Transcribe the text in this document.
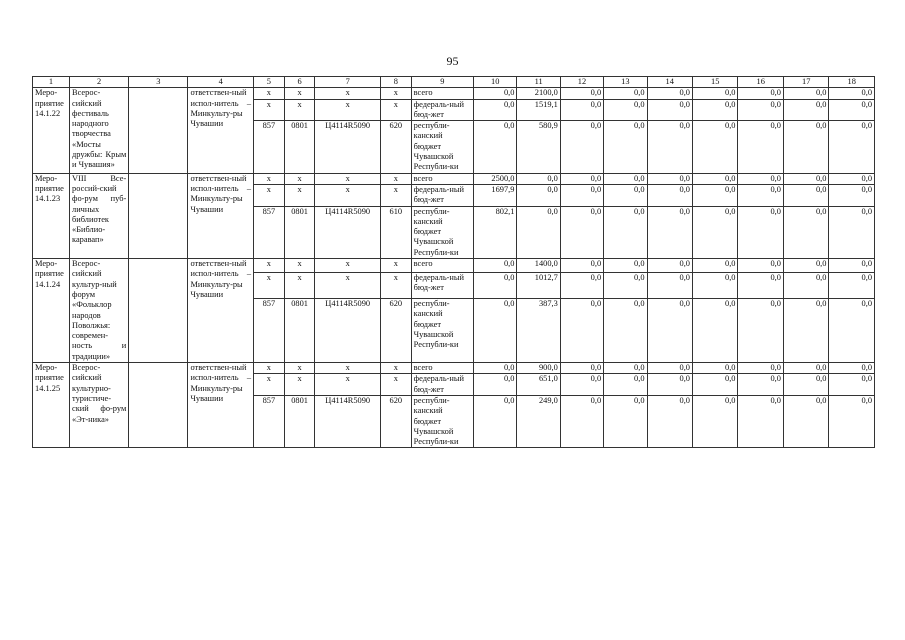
95
1	2	3	4	5	6	7	8	9	10	11	12	13	14	15	16	17	18
Меро-приятие 14.1.22	Всерос-сийский фестиваль народного творчества «Мосты дружбы: Крым и Чувашия»		ответствен-ный испол-нитель – Минкульту-ры Чувашии	х	х	х	х	всего	0,0	2100,0	0,0	0,0	0,0	0,0	0,0	0,0	0,0
				х	х	х	х	федераль-ный бюд-жет	0,0	1519,1	0,0	0,0	0,0	0,0	0,0	0,0	0,0
				857	0801	Ц4114R5090	620	республи-канский бюджет Чувашской Республи-ки	0,0	580,9	0,0	0,0	0,0	0,0	0,0	0,0	0,0
Меро-приятие 14.1.23	VIII Все-россий-ский фо-рум пуб-личных библиотек «Библио-каравап»		ответствен-ный испол-нитель – Минкульту-ры Чувашии	х	х	х	х	всего	2500,0	0,0	0,0	0,0	0,0	0,0	0,0	0,0	0,0
				х	х	х	х	федераль-ный бюд-жет	1697,9	0,0	0,0	0,0	0,0	0,0	0,0	0,0	0,0
				857	0801	Ц4114R5090	610	республи-канский бюджет Чувашской Республи-ки	802,1	0,0	0,0	0,0	0,0	0,0	0,0	0,0	0,0
Меро-приятие 14.1.24	Всерос-сийский культур-ный форум «Фольклор народов Поволжья: современ-ность и традиции»		ответствен-ный испол-нитель – Минкульту-ры Чувашии	х	х	х	х	всего	0,0	1400,0	0,0	0,0	0,0	0,0	0,0	0,0	0,0
				х	х	х	х	федераль-ный бюд-жет	0,0	1012,7	0,0	0,0	0,0	0,0	0,0	0,0	0,0
				857	0801	Ц4114R5090	620	республи-канский бюджет Чувашской Республи-ки	0,0	387,3	0,0	0,0	0,0	0,0	0,0	0,0	0,0
Меро-приятие 14.1.25	Всерос-сийский культурно-туристиче-ский фо-рум «Эт-ника»		ответствен-ный испол-нитель – Минкульту-ры Чувашии	х	х	х	х	всего	0,0	900,0	0,0	0,0	0,0	0,0	0,0	0,0	0,0
				х	х	х	х	федераль-ный бюд-жет	0,0	651,0	0,0	0,0	0,0	0,0	0,0	0,0	0,0
				857	0801	Ц4114R5090	620	республи-канский бюджет Чувашской Республи-ки	0,0	249,0	0,0	0,0	0,0	0,0	0,0	0,0	0,0
